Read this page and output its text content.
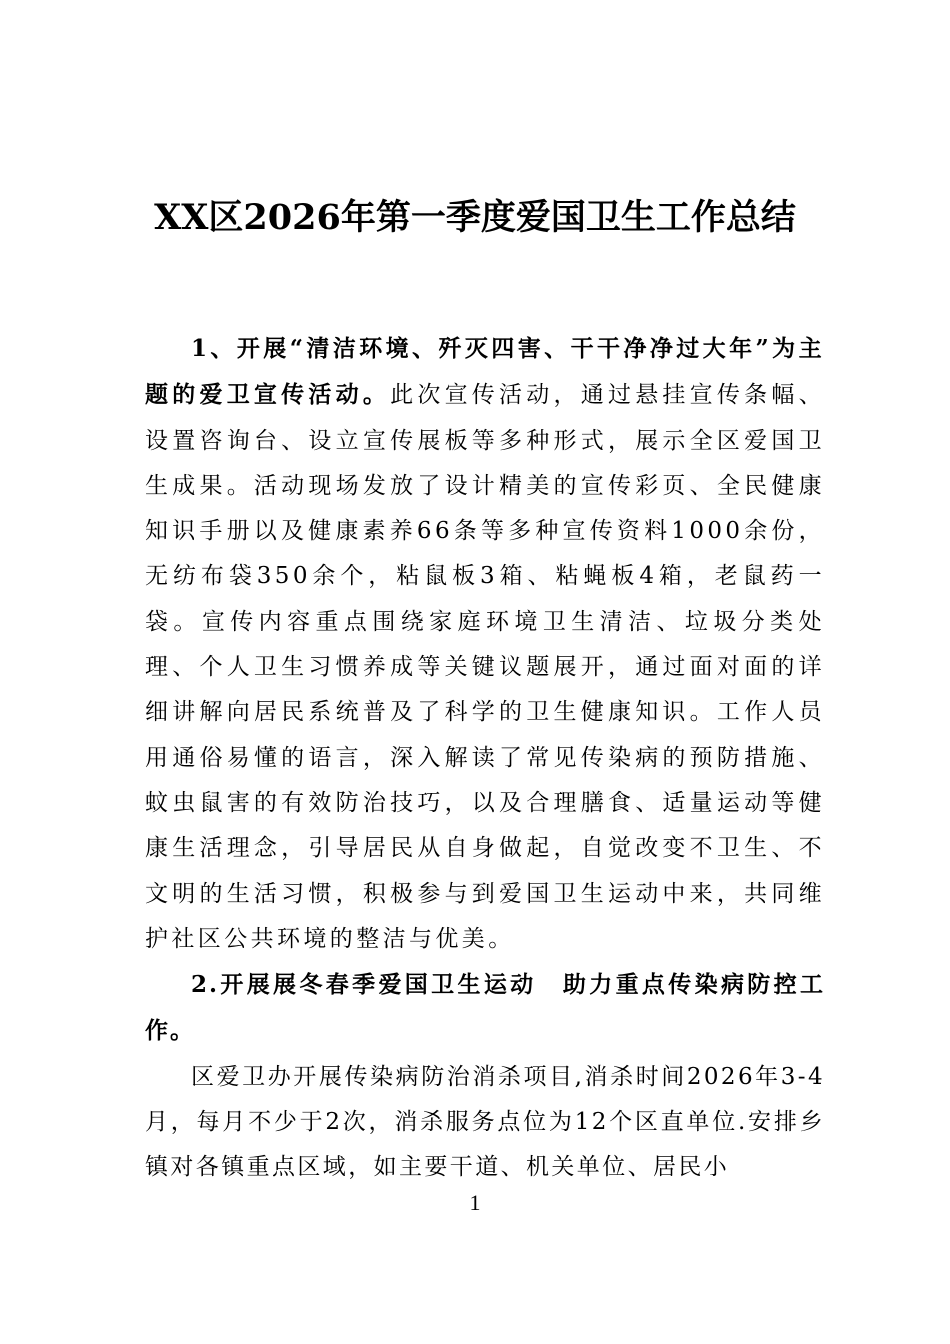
XX区2026年第一季度爱国卫生工作总结

1、开展“清洁环境、歼灭四害、干干净净过大年”为主题的爱卫宣传活动。此次宣传活动，通过悬挂宣传条幅、设置咨询台、设立宣传展板等多种形式，展示全区爱国卫生成果。活动现场发放了设计精美的宣传彩页、全民健康知识手册以及健康素养66条等多种宣传资料1000余份，无纺布袋350余个，粘鼠板3箱、粘蝇板4箱，老鼠药一袋。宣传内容重点围绕家庭环境卫生清洁、垃圾分类处理、个人卫生习惯养成等关键议题展开，通过面对面的详细讲解向居民系统普及了科学的卫生健康知识。工作人员用通俗易懂的语言，深入解读了常见传染病的预防措施、蚊虫鼠害的有效防治技巧，以及合理膳食、适量运动等健康生活理念，引导居民从自身做起，自觉改变不卫生、不文明的生活习惯，积极参与到爱国卫生运动中来，共同维护社区公共环境的整洁与优美。

2.开展展冬春季爱国卫生运动　助力重点传染病防控工作。

区爱卫办开展传染病防治消杀项目,消杀时间2026年3-4月，每月不少于2次，消杀服务点位为12个区直单位.安排乡镇对各镇重点区域，如主要干道、机关单位、居民小

1
